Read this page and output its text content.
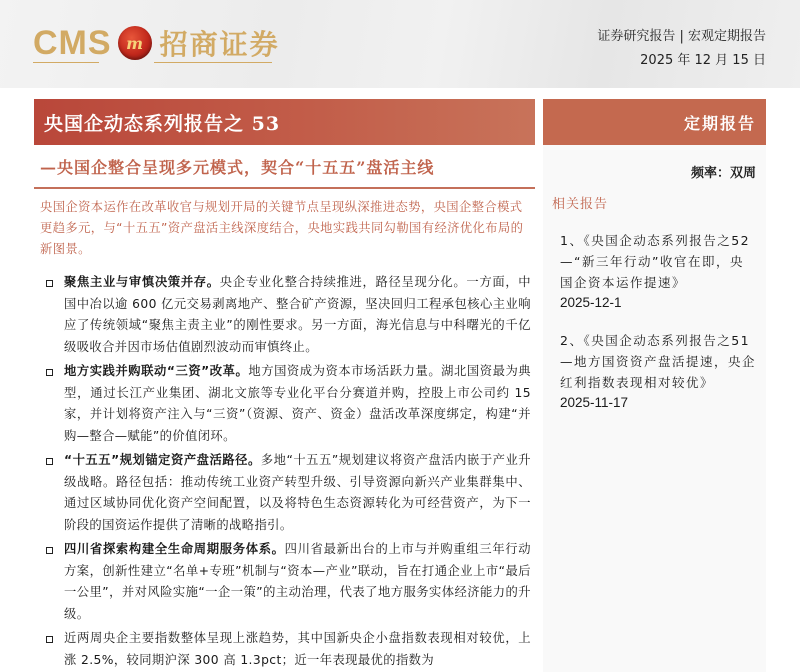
CMS m 招商证券	证券研究报告 | 宏观定期报告
2025 年 12 月 15 日
央国企动态系列报告之 53
—央国企整合呈现多元模式，契合“十五五”盘活主线

央国企资本运作在改革收官与规划开局的关键节点呈现纵深推进态势，央国企整合模式更趋多元，与“十五五”资产盘活主线深度结合，央地实践共同勾勒国有经济优化布局的新图景。

聚焦主业与审慎决策并存。央企专业化整合持续推进，路径呈现分化。一方面，中国中冶以逾 600 亿元交易剥离地产、整合矿产资源，坚决回归工程承包核心主业响应了传统领域“聚焦主责主业”的刚性要求。另一方面，海光信息与中科曙光的千亿级吸收合并因市场估值剧烈波动而审慎终止。
地方实践并购联动“三资”改革。地方国资成为资本市场活跃力量。湖北国资最为典型，通过长江产业集团、湖北文旅等专业化平台分赛道并购，控股上市公司约 15 家，并计划将资产注入与“三资”（资源、资产、资金）盘活改革深度绑定，构建“并购—整合—赋能”的价值闭环。
“十五五”规划锚定资产盘活路径。多地“十五五”规划建议将资产盘活内嵌于产业升级战略。路径包括：推动传统工业资产转型升级、引导资源向新兴产业集群集中、通过区域协同优化资产空间配置，以及将特色生态资源转化为可经营资产，为下一阶段的国资运作提供了清晰的战略指引。
四川省探索构建全生命周期服务体系。四川省最新出台的上市与并购重组三年行动方案，创新性建立“名单+专班”机制与“资本—产业”联动，旨在打通企业上市“最后一公里”，并对风险实施“一企一策”的主动治理，代表了地方服务实体经济能力的升级。
近两周央企主要指数整体呈现上涨趋势，其中国新央企小盘指数表现相对较优，上涨 2.5%，较同期沪深 300 高 1.3pct；近一年表现最优的指数为
定期报告
频率：双周
相关报告
1、《央国企动态系列报告之52—“新三年行动”收官在即，央国企资本运作提速》
2025-12-1
2、《央国企动态系列报告之51—地方国资资产盘活提速，央企红利指数表现相对较优》
2025-11-17
